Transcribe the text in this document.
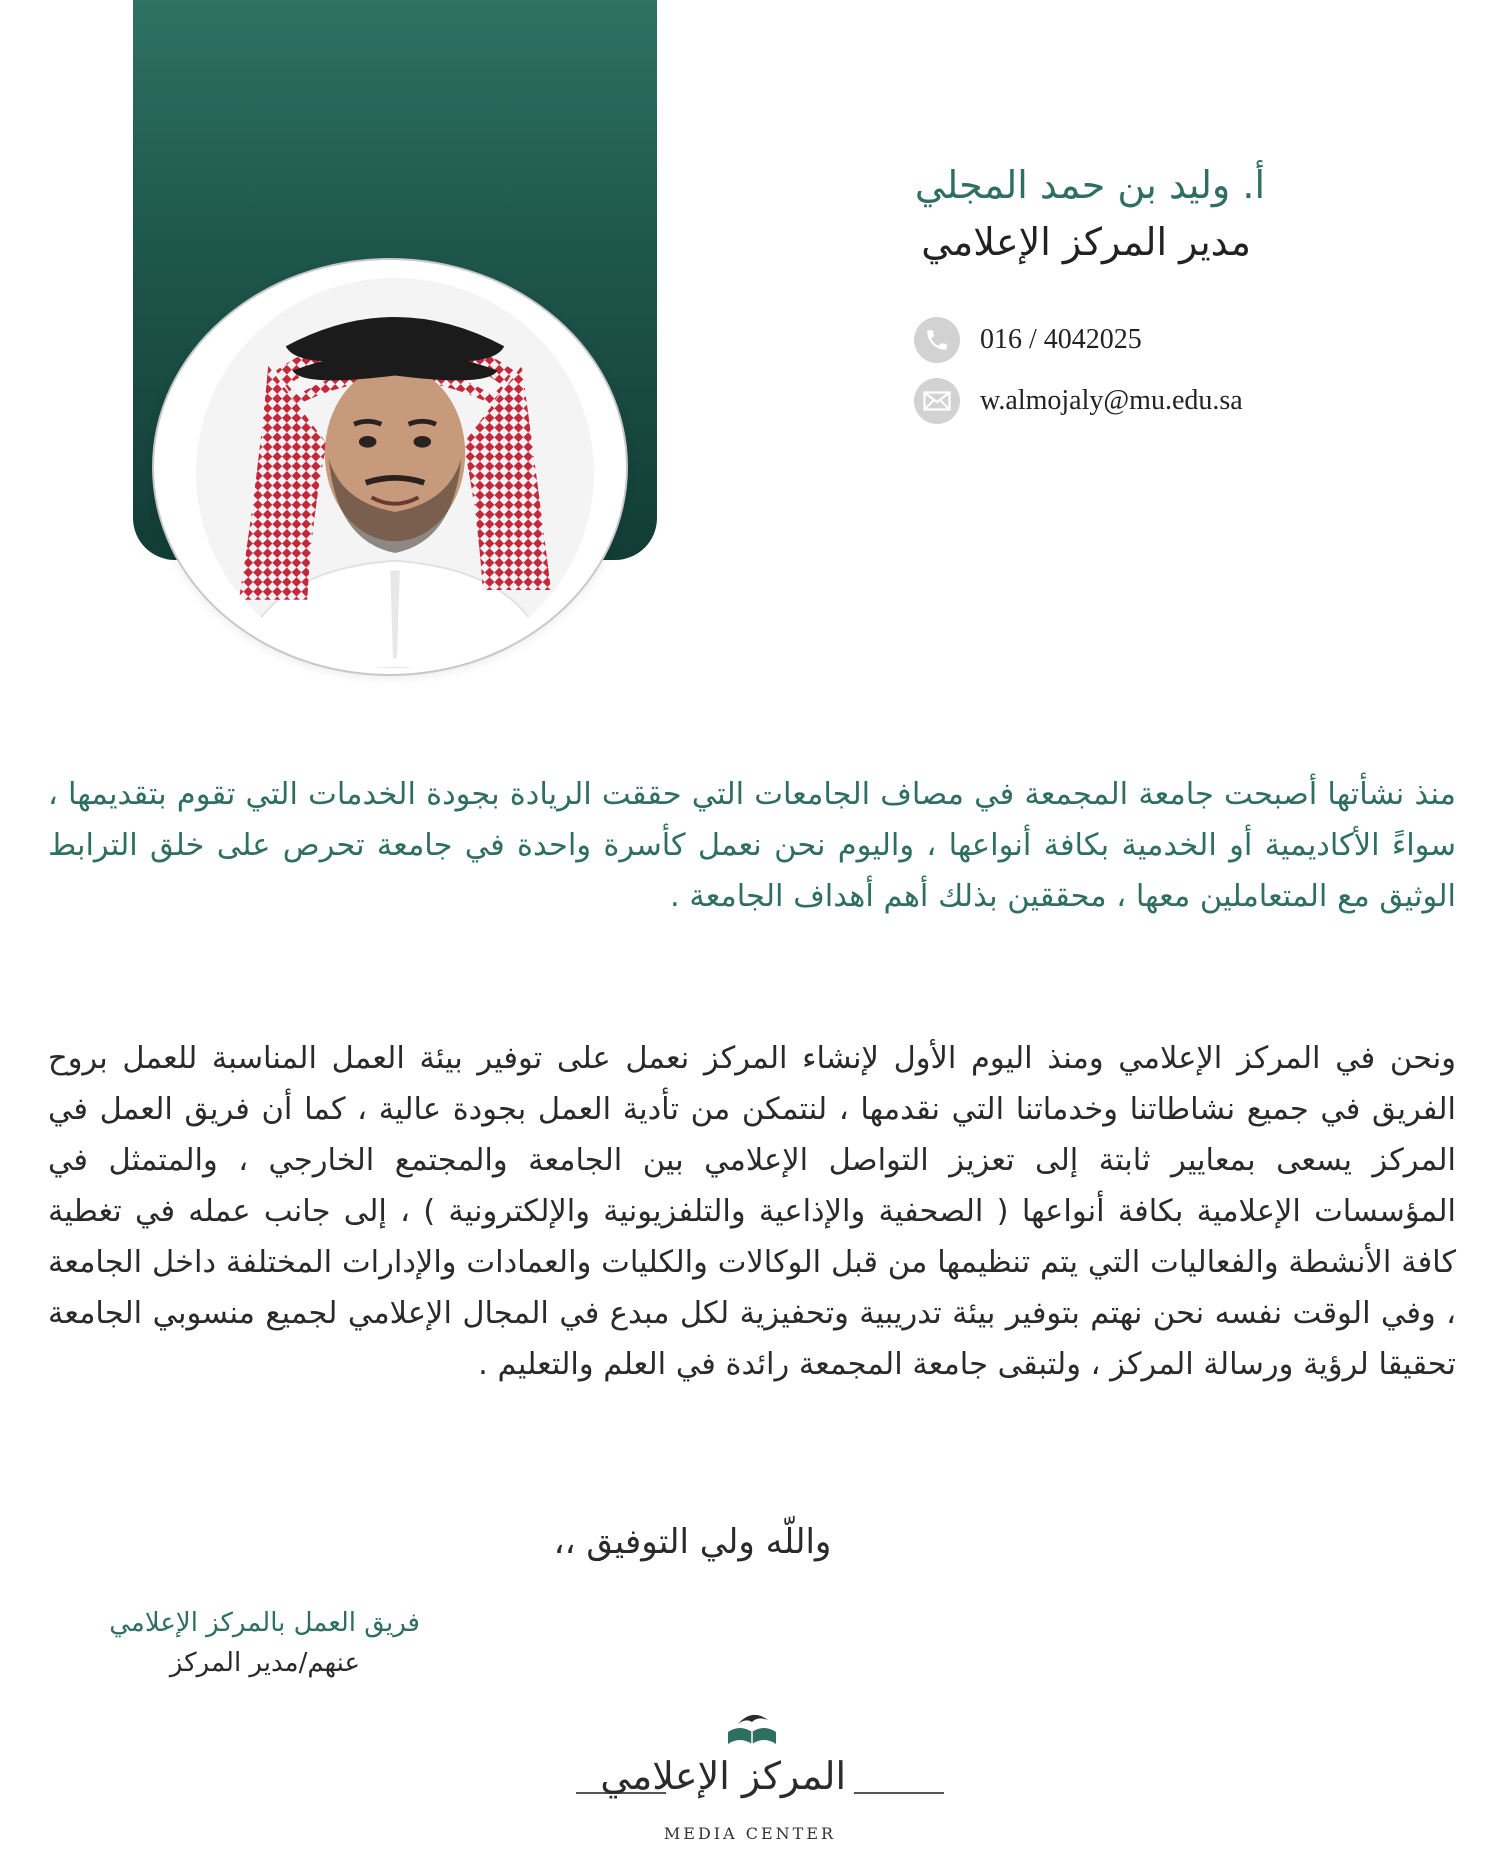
أ. وليد بن حمد المجلي
مدير المركز الإعلامي
016 / 4042025
w.almojaly@mu.edu.sa

منذ نشأتها أصبحت جامعة المجمعة في مصاف الجامعات التي حققت الريادة بجودة الخدمات التي تقوم بتقديمها ، سواءً الأكاديمية أو الخدمية بكافة أنواعها ، واليوم نحن نعمل كأسرة واحدة في جامعة تحرص على خلق الترابط الوثيق مع المتعاملين معها ، محققين بذلك أهم أهداف الجامعة .

ونحن في المركز الإعلامي ومنذ اليوم الأول لإنشاء المركز نعمل على توفير بيئة العمل المناسبة للعمل بروح الفريق في جميع نشاطاتنا وخدماتنا التي نقدمها ، لنتمكن من تأدية العمل بجودة عالية ، كما أن فريق العمل في المركز يسعى بمعايير ثابتة إلى تعزيز التواصل الإعلامي بين الجامعة والمجتمع الخارجي ، والمتمثل في المؤسسات الإعلامية بكافة أنواعها ( الصحفية والإذاعية والتلفزيونية والإلكترونية ) ، إلى جانب عمله في تغطية كافة الأنشطة والفعاليات التي يتم تنظيمها من قبل الوكالات والكليات والعمادات والإدارات المختلفة داخل الجامعة ، وفي الوقت نفسه نحن نهتم بتوفير بيئة تدريبية وتحفيزية لكل مبدع في المجال الإعلامي لجميع منسوبي الجامعة تحقيقا لرؤية ورسالة المركز ، ولتبقى جامعة المجمعة رائدة في العلم والتعليم .

واللّه ولي التوفيق ،،
فريق العمل بالمركز الإعلامي
عنهم/مدير المركز
المركز الإعلامي
MEDIA CENTER
